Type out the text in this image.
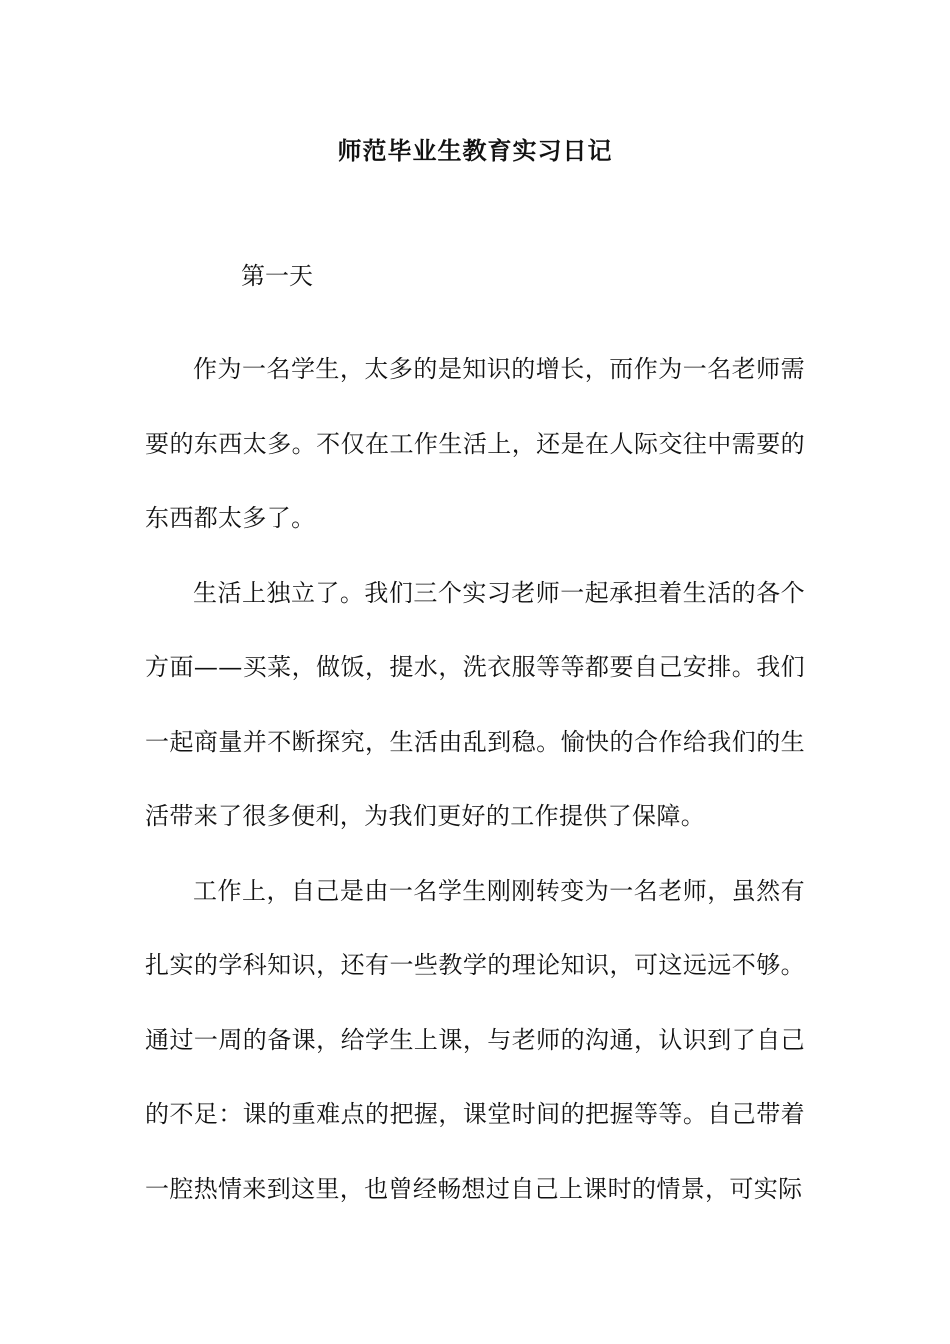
师范毕业生教育实习日记
第一天

作为一名学生，太多的是知识的增长，而作为一名老师需要的东西太多。不仅在工作生活上，还是在人际交往中需要的东西都太多了。

生活上独立了。我们三个实习老师一起承担着生活的各个方面——买菜，做饭，提水，洗衣服等等都要自己安排。我们一起商量并不断探究，生活由乱到稳。愉快的合作给我们的生活带来了很多便利，为我们更好的工作提供了保障。

工作上，自己是由一名学生刚刚转变为一名老师，虽然有扎实的学科知识，还有一些教学的理论知识，可这远远不够。通过一周的备课，给学生上课，与老师的沟通，认识到了自己的不足：课的重难点的把握，课堂时间的把握等等。自己带着一腔热情来到这里，也曾经畅想过自己上课时的情景，可实际
